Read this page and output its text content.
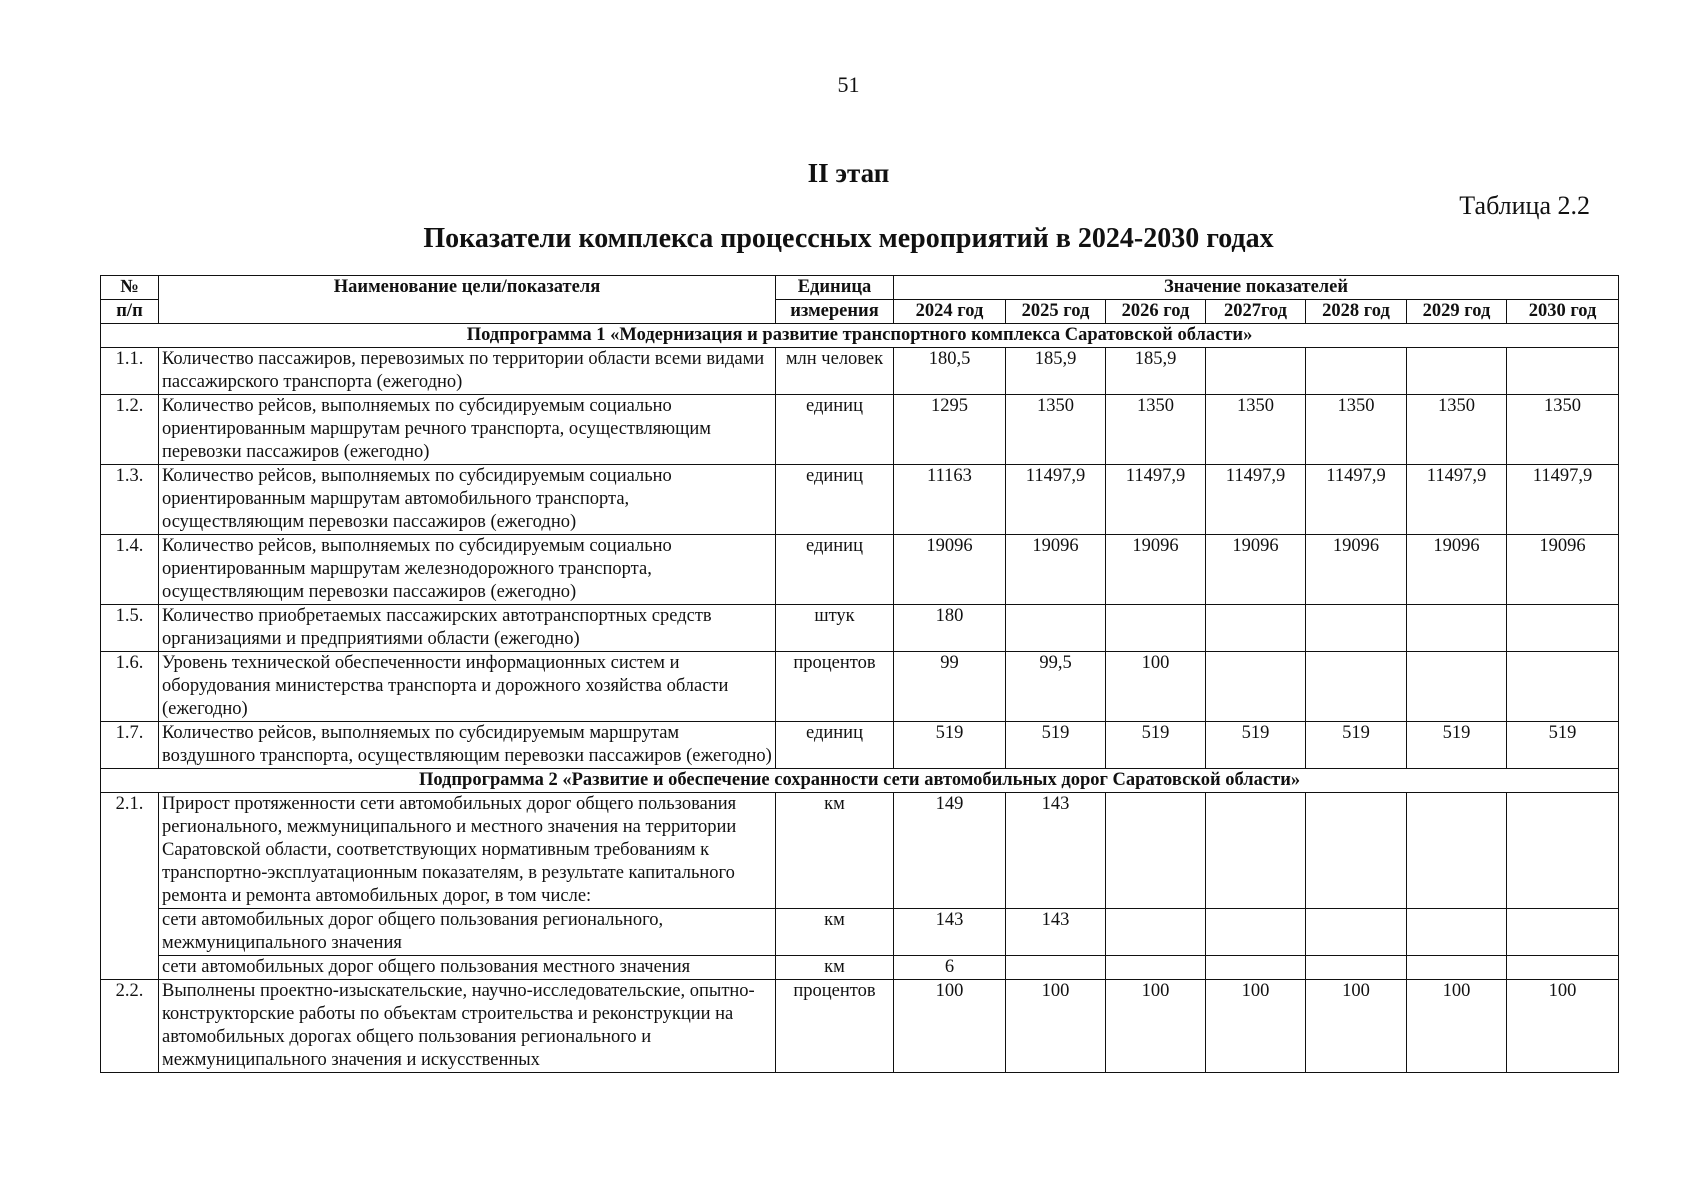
51
II этап
Таблица 2.2
Показатели комплекса процессных мероприятий в 2024-2030 годах
№	Наименование цели/показателя	Единица	Значение показателей						
п/п		измерения	2024 год	2025 год	2026 год	2027год	2028 год	2029 год	2030 год
Подпрограмма 1 «Модернизация и развитие транспортного комплекса Саратовской области»									
1.1.	Количество пассажиров, перевозимых по территории области всеми видами пассажирского транспорта (ежегодно)	млн человек	180,5	185,9	185,9				
1.2.	Количество рейсов, выполняемых по субсидируемым социально ориентированным маршрутам речного транспорта, осуществляющим перевозки пассажиров (ежегодно)	единиц	1295	1350	1350	1350	1350	1350	1350
1.3.	Количество рейсов, выполняемых по субсидируемым социально ориентированным маршрутам автомобильного транспорта, осуществляющим перевозки пассажиров (ежегодно)	единиц	11163	11497,9	11497,9	11497,9	11497,9	11497,9	11497,9
1.4.	Количество рейсов, выполняемых по субсидируемым социально ориентированным маршрутам железнодорожного транспорта, осуществляющим перевозки пассажиров (ежегодно)	единиц	19096	19096	19096	19096	19096	19096	19096
1.5.	Количество приобретаемых пассажирских автотранспортных средств организациями и предприятиями области (ежегодно)	штук	180						
1.6.	Уровень технической обеспеченности информационных систем и оборудования министерства транспорта и дорожного хозяйства области (ежегодно)	процентов	99	99,5	100				
1.7.	Количество рейсов, выполняемых по субсидируемым маршрутам воздушного транспорта, осуществляющим перевозки пассажиров (ежегодно)	единиц	519	519	519	519	519	519	519
Подпрограмма 2 «Развитие и обеспечение сохранности сети автомобильных дорог Саратовской области»									
2.1.	Прирост протяженности сети автомобильных дорог общего пользования регионального, межмуниципального и местного значения на территории Саратовской области, соответствующих нормативным требованиям к транспортно-эксплуатационным показателям, в результате капитального ремонта и ремонта автомобильных дорог, в том числе:	км	149	143					
	сети автомобильных дорог общего пользования регионального, межмуниципального значения	км	143	143					
	сети автомобильных дорог общего пользования местного значения	км	6						
2.2.	Выполнены проектно-изыскательские, научно-исследовательские, опытно-конструкторские работы по объектам строительства и реконструкции на автомобильных дорогах общего пользования регионального и межмуниципального значения и искусственных	процентов	100	100	100	100	100	100	100
